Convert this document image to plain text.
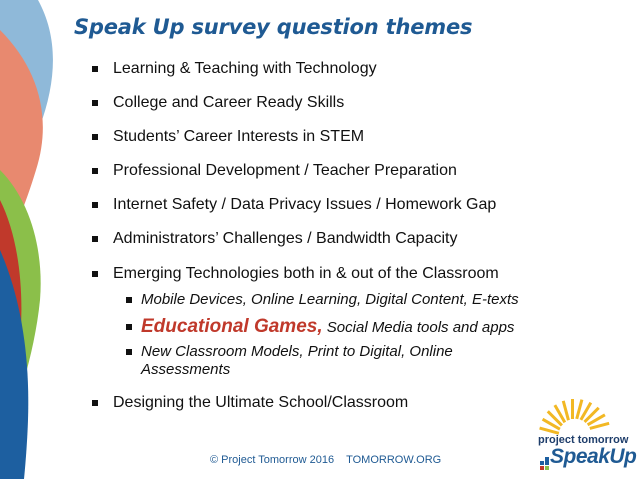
Speak Up survey question themes
Learning & Teaching with Technology
College and Career Ready Skills
Students’ Career Interests in STEM
Professional Development / Teacher Preparation
Internet Safety / Data Privacy Issues / Homework Gap
Administrators’ Challenges / Bandwidth Capacity
Emerging Technologies both in & out of the Classroom
Mobile Devices, Online Learning, Digital Content, E-texts
Educational Games, Social Media tools and apps
New Classroom Models, Print to Digital, Online
Assessments
Designing the Ultimate School/Classroom
© Project Tomorrow 2016 TOMORROW.ORG
project tomorrow
SpeakUp
